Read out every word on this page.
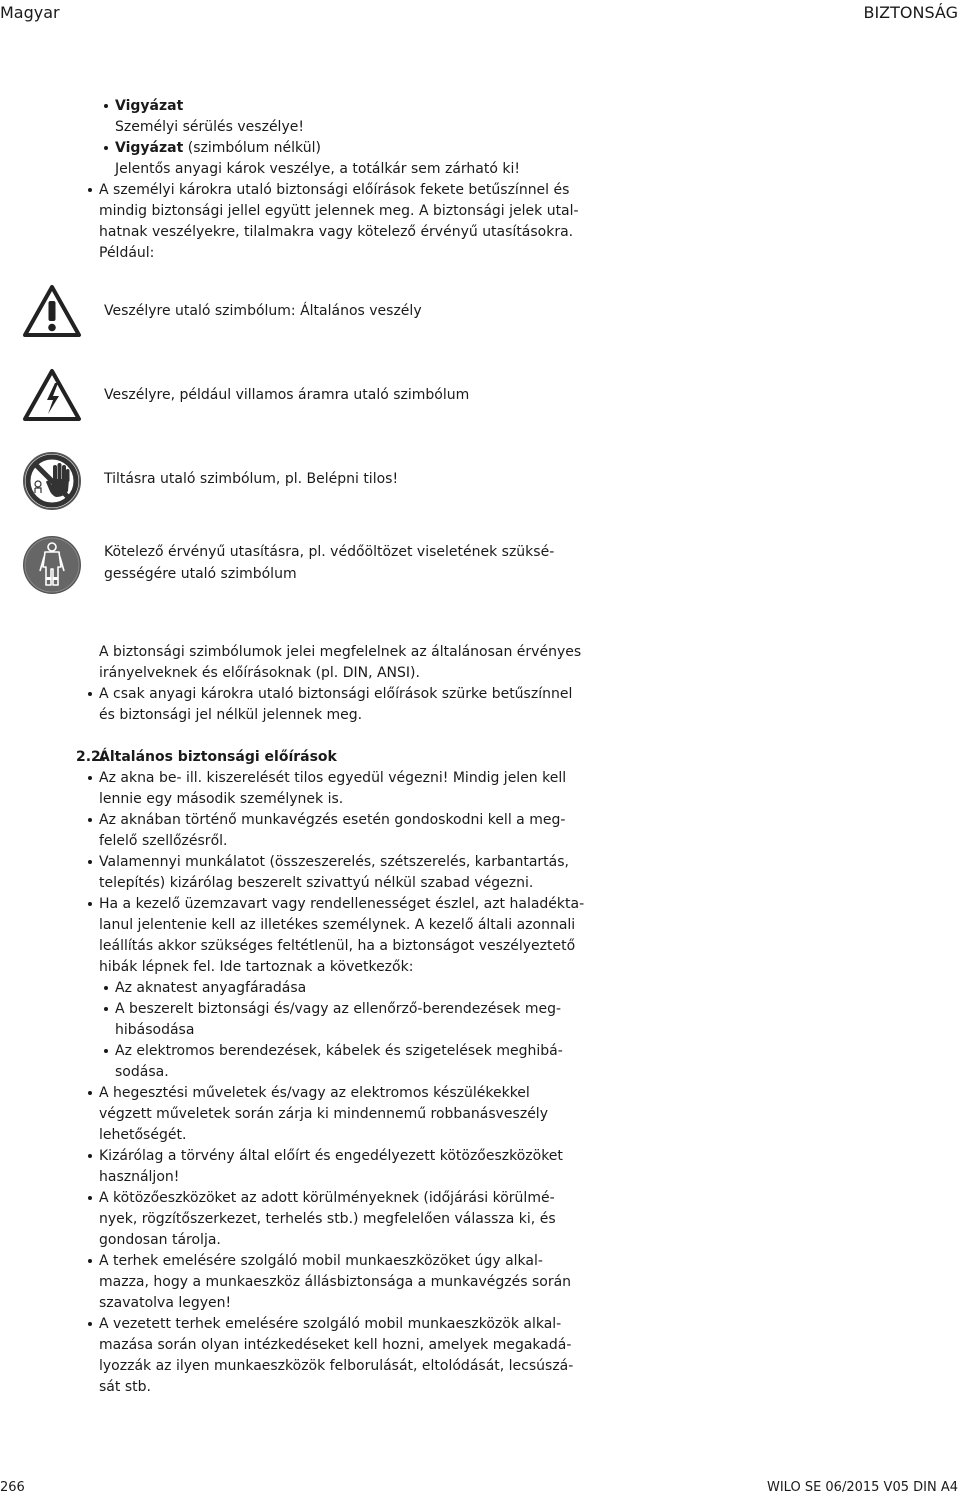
Magyar	BIZTONSÁG
Vigyázat
Személyi sérülés veszélye!
Vigyázat (szimbólum nélkül)
Jelentős anyagi károk veszélye, a totálkár sem zárható ki!
A személyi károkra utaló biztonsági előírások fekete betűszínnel és
mindig biztonsági jellel együtt jelennek meg. A biztonsági jelek utal-
hatnak veszélyekre, tilalmakra vagy kötelező érvényű utasításokra.
Például:
Veszélyre utaló szimbólum: Általános veszély
Veszélyre, például villamos áramra utaló szimbólum
Tiltásra utaló szimbólum, pl. Belépni tilos!
Kötelező érvényű utasításra, pl. védőöltözet viseletének szüksé-
gességére utaló szimbólum
A biztonsági szimbólumok jelei megfelelnek az általánosan érvényes
irányelveknek és előírásoknak (pl. DIN, ANSI).
A csak anyagi károkra utaló biztonsági előírások szürke betűszínnel
és biztonsági jel nélkül jelennek meg.
2.2.
Általános biztonsági előírások
Az akna be- ill. kiszerelését tilos egyedül végezni! Mindig jelen kell
lennie egy második személynek is.
Az aknában történő munkavégzés esetén gondoskodni kell a meg-
felelő szellőzésről.
Valamennyi munkálatot (összeszerelés, szétszerelés, karbantartás,
telepítés) kizárólag beszerelt szivattyú nélkül szabad végezni.
Ha a kezelő üzemzavart vagy rendellenességet észlel, azt haladékta-
lanul jelentenie kell az illetékes személynek. A kezelő általi azonnali
leállítás akkor szükséges feltétlenül, ha a biztonságot veszélyeztető
hibák lépnek fel. Ide tartoznak a következők:
Az aknatest anyagfáradása
A beszerelt biztonsági és/vagy az ellenőrző-berendezések meg-
hibásodása
Az elektromos berendezések, kábelek és szigetelések meghibá-
sodása.
A hegesztési műveletek és/vagy az elektromos készülékekkel
végzett műveletek során zárja ki mindennemű robbanásveszély
lehetőségét.
Kizárólag a törvény által előírt és engedélyezett kötözőeszközöket
használjon!
A kötözőeszközöket az adott körülményeknek (időjárási körülmé-
nyek, rögzítőszerkezet, terhelés stb.) megfelelően válassza ki, és
gondosan tárolja.
A terhek emelésére szolgáló mobil munkaeszközöket úgy alkal-
mazza, hogy a munkaeszköz állásbiztonsága a munkavégzés során
szavatolva legyen!
A vezetett terhek emelésére szolgáló mobil munkaeszközök alkal-
mazása során olyan intézkedéseket kell hozni, amelyek megakadá-
lyozzák az ilyen munkaeszközök felborulását, eltolódását, lecsúszá-
sát stb.
266	WILO SE 06/2015 V05 DIN A4
